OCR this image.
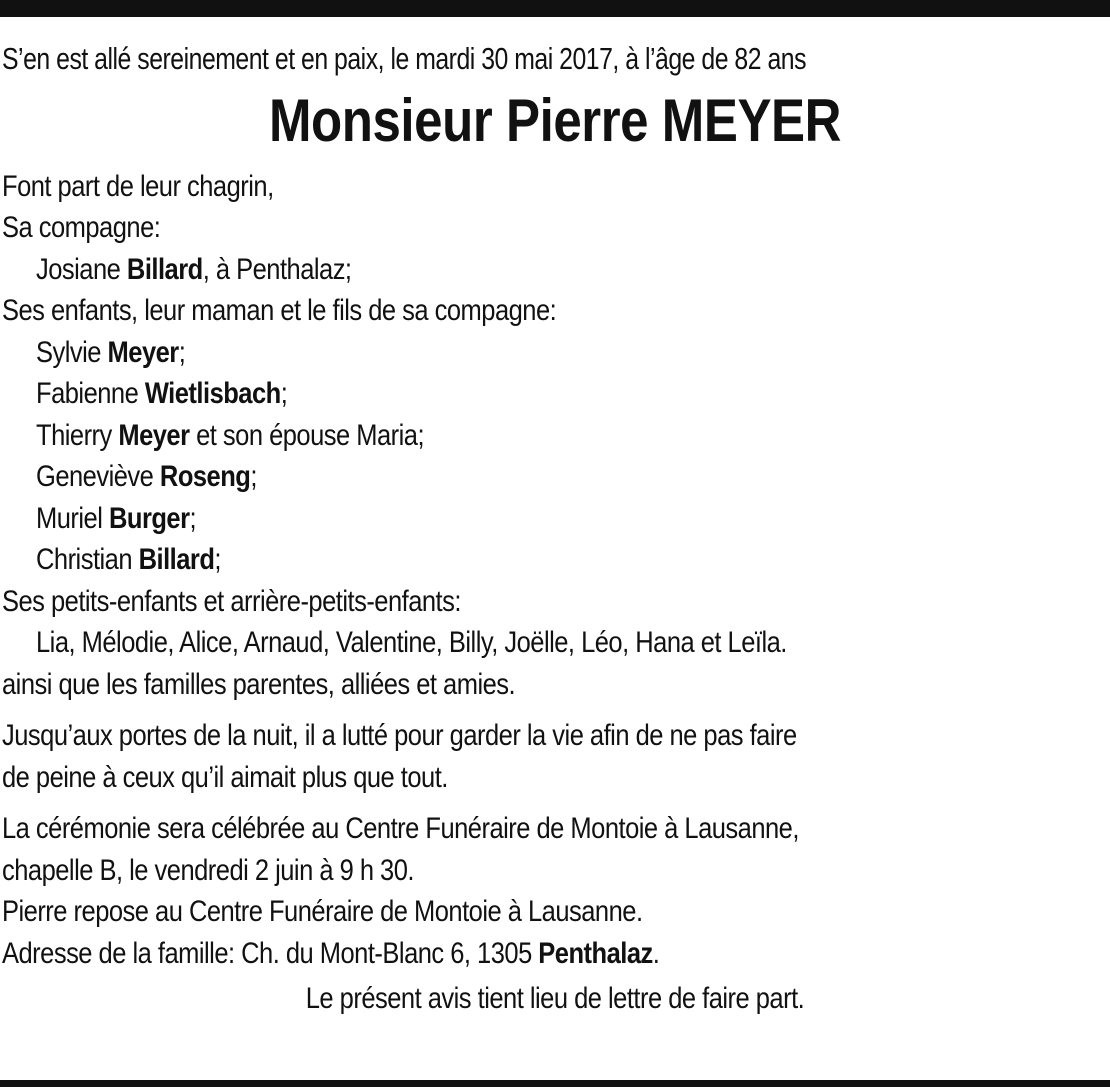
S’en est allé sereinement et en paix, le mardi 30 mai 2017, à l’âge de 82 ans

Monsieur Pierre MEYER

Font part de leur chagrin,

Sa compagne:

Josiane Billard, à Penthalaz;

Ses enfants, leur maman et le fils de sa compagne:

Sylvie Meyer;

Fabienne Wietlisbach;

Thierry Meyer et son épouse Maria;

Geneviève Roseng;

Muriel Burger;

Christian Billard;

Ses petits-enfants et arrière-petits-enfants:

Lia, Mélodie, Alice, Arnaud, Valentine, Billy, Joëlle, Léo, Hana et Leïla.

ainsi que les familles parentes, alliées et amies.

Jusqu’aux portes de la nuit, il a lutté pour garder la vie afin de ne pas faire

de peine à ceux qu’il aimait plus que tout.

La cérémonie sera célébrée au Centre Funéraire de Montoie à Lausanne,

chapelle B, le vendredi 2 juin à 9 h 30.

Pierre repose au Centre Funéraire de Montoie à Lausanne.

Adresse de la famille: Ch. du Mont-Blanc 6, 1305 Penthalaz.

Le présent avis tient lieu de lettre de faire part.
